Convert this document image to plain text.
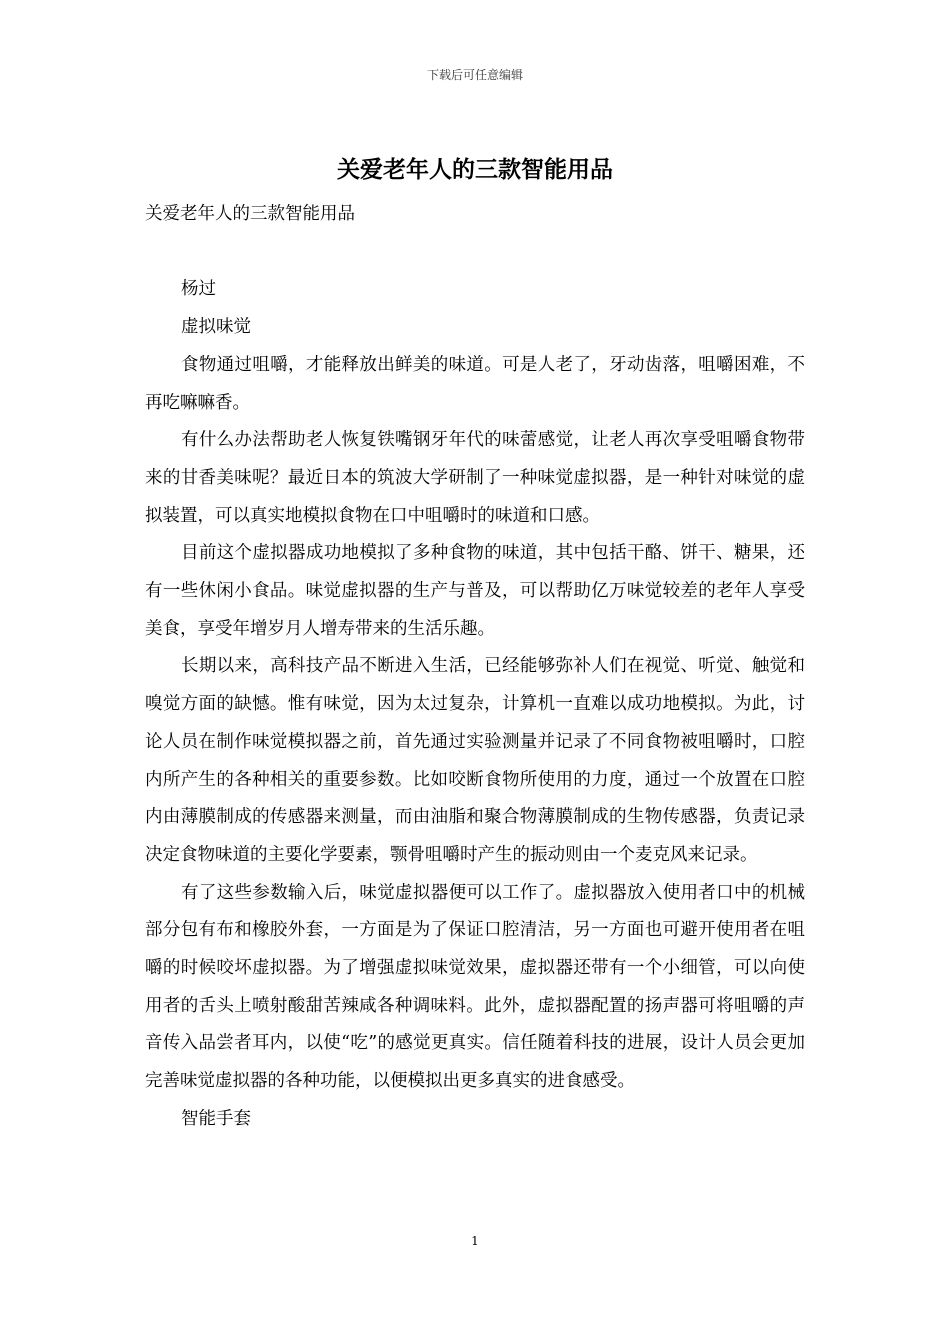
下载后可任意编辑
关爱老年人的三款智能用品

关爱老年人的三款智能用品

杨过

虚拟味觉

食物通过咀嚼，才能释放出鲜美的味道。可是人老了，牙动齿落，咀嚼困难，不再吃嘛嘛香。

有什么办法帮助老人恢复铁嘴钢牙年代的味蕾感觉，让老人再次享受咀嚼食物带来的甘香美味呢？最近日本的筑波大学研制了一种味觉虚拟器，是一种针对味觉的虚拟装置，可以真实地模拟食物在口中咀嚼时的味道和口感。

目前这个虚拟器成功地模拟了多种食物的味道，其中包括干酪、饼干、糖果，还有一些休闲小食品。味觉虚拟器的生产与普及，可以帮助亿万味觉较差的老年人享受美食，享受年增岁月人增寿带来的生活乐趣。

长期以来，高科技产品不断进入生活，已经能够弥补人们在视觉、听觉、触觉和嗅觉方面的缺憾。惟有味觉，因为太过复杂，计算机一直难以成功地模拟。为此，讨论人员在制作味觉模拟器之前，首先通过实验测量并记录了不同食物被咀嚼时，口腔内所产生的各种相关的重要参数。比如咬断食物所使用的力度，通过一个放置在口腔内由薄膜制成的传感器来测量，而由油脂和聚合物薄膜制成的生物传感器，负责记录决定食物味道的主要化学要素，颚骨咀嚼时产生的振动则由一个麦克风来记录。

有了这些参数输入后，味觉虚拟器便可以工作了。虚拟器放入使用者口中的机械部分包有布和橡胶外套，一方面是为了保证口腔清洁，另一方面也可避开使用者在咀嚼的时候咬坏虚拟器。为了增强虚拟味觉效果，虚拟器还带有一个小细管，可以向使用者的舌头上喷射酸甜苦辣咸各种调味料。此外，虚拟器配置的扬声器可将咀嚼的声音传入品尝者耳内，以使“吃”的感觉更真实。信任随着科技的进展，设计人员会更加完善味觉虚拟器的各种功能，以便模拟出更多真实的进食感受。

智能手套

1
